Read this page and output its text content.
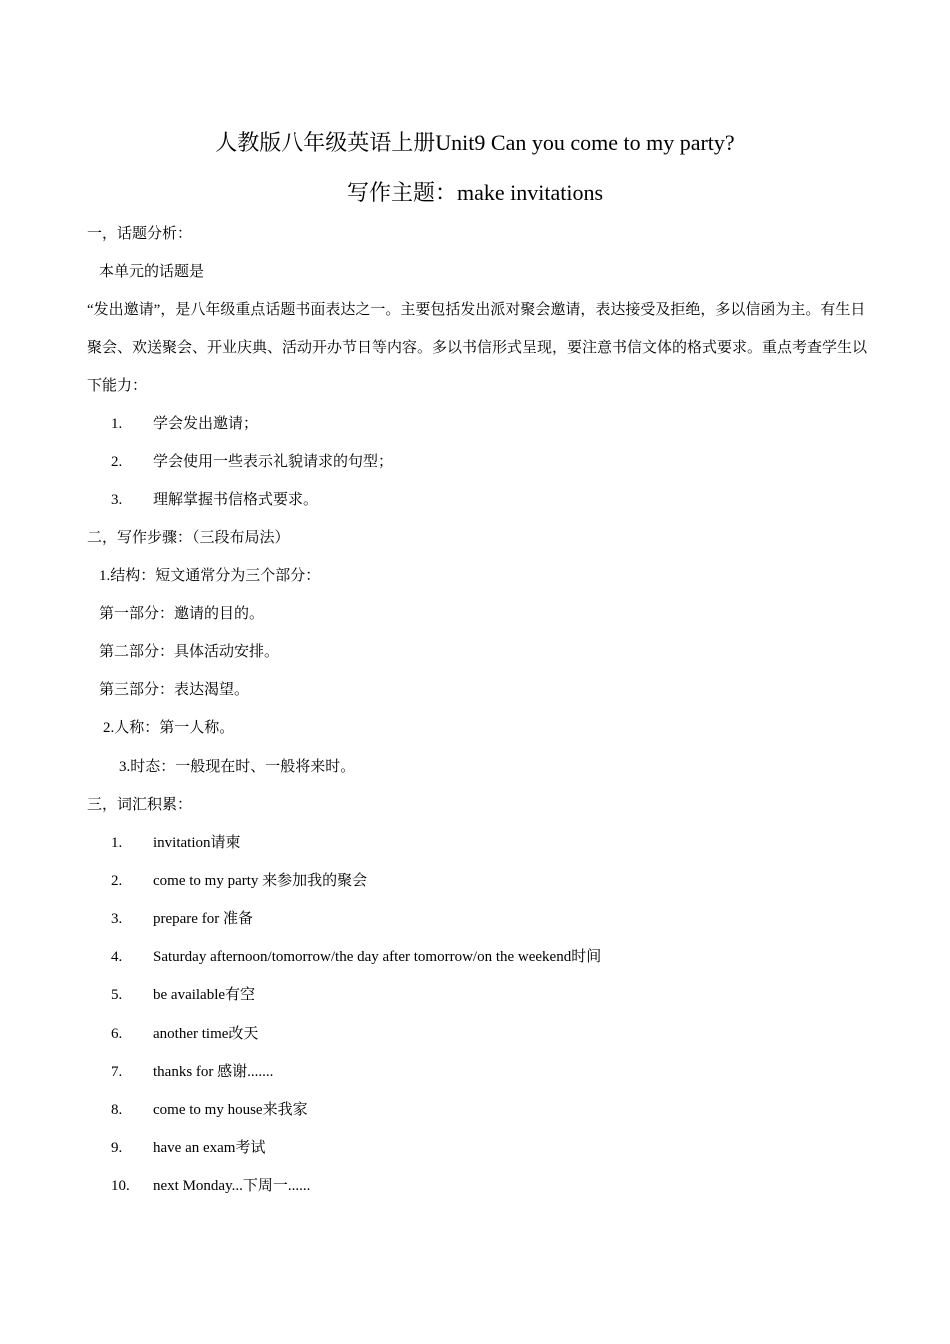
人教版八年级英语上册Unit9 Can you come to my party?
写作主题：make invitations
一，话题分析：
本单元的话题是

“发出邀请”，是八年级重点话题书面表达之一。主要包括发出派对聚会邀请，表达接受及拒绝，多以信函为主。有生日聚会、欢送聚会、开业庆典、活动开办节日等内容。多以书信形式呈现，要注意书信文体的格式要求。重点考查学生以下能力：

1. 学会发出邀请；
2. 学会使用一些表示礼貌请求的句型；
3. 理解掌握书信格式要求。
二，写作步骤：（三段布局法）
1.结构：短文通常分为三个部分：
第一部分：邀请的目的。
第二部分：具体活动安排。
第三部分：表达渴望。
2.人称：第一人称。
3.时态：一般现在时、一般将来时。
三，词汇积累：
1. invitation请柬
2. come to my party 来参加我的聚会
3. prepare for 准备
4. Saturday afternoon/tomorrow/the day after tomorrow/on the weekend时间
5. be available有空
6. another time改天
7. thanks for 感谢.......
8. come to my house来我家
9. have an exam考试
10. next Monday...下周一......
